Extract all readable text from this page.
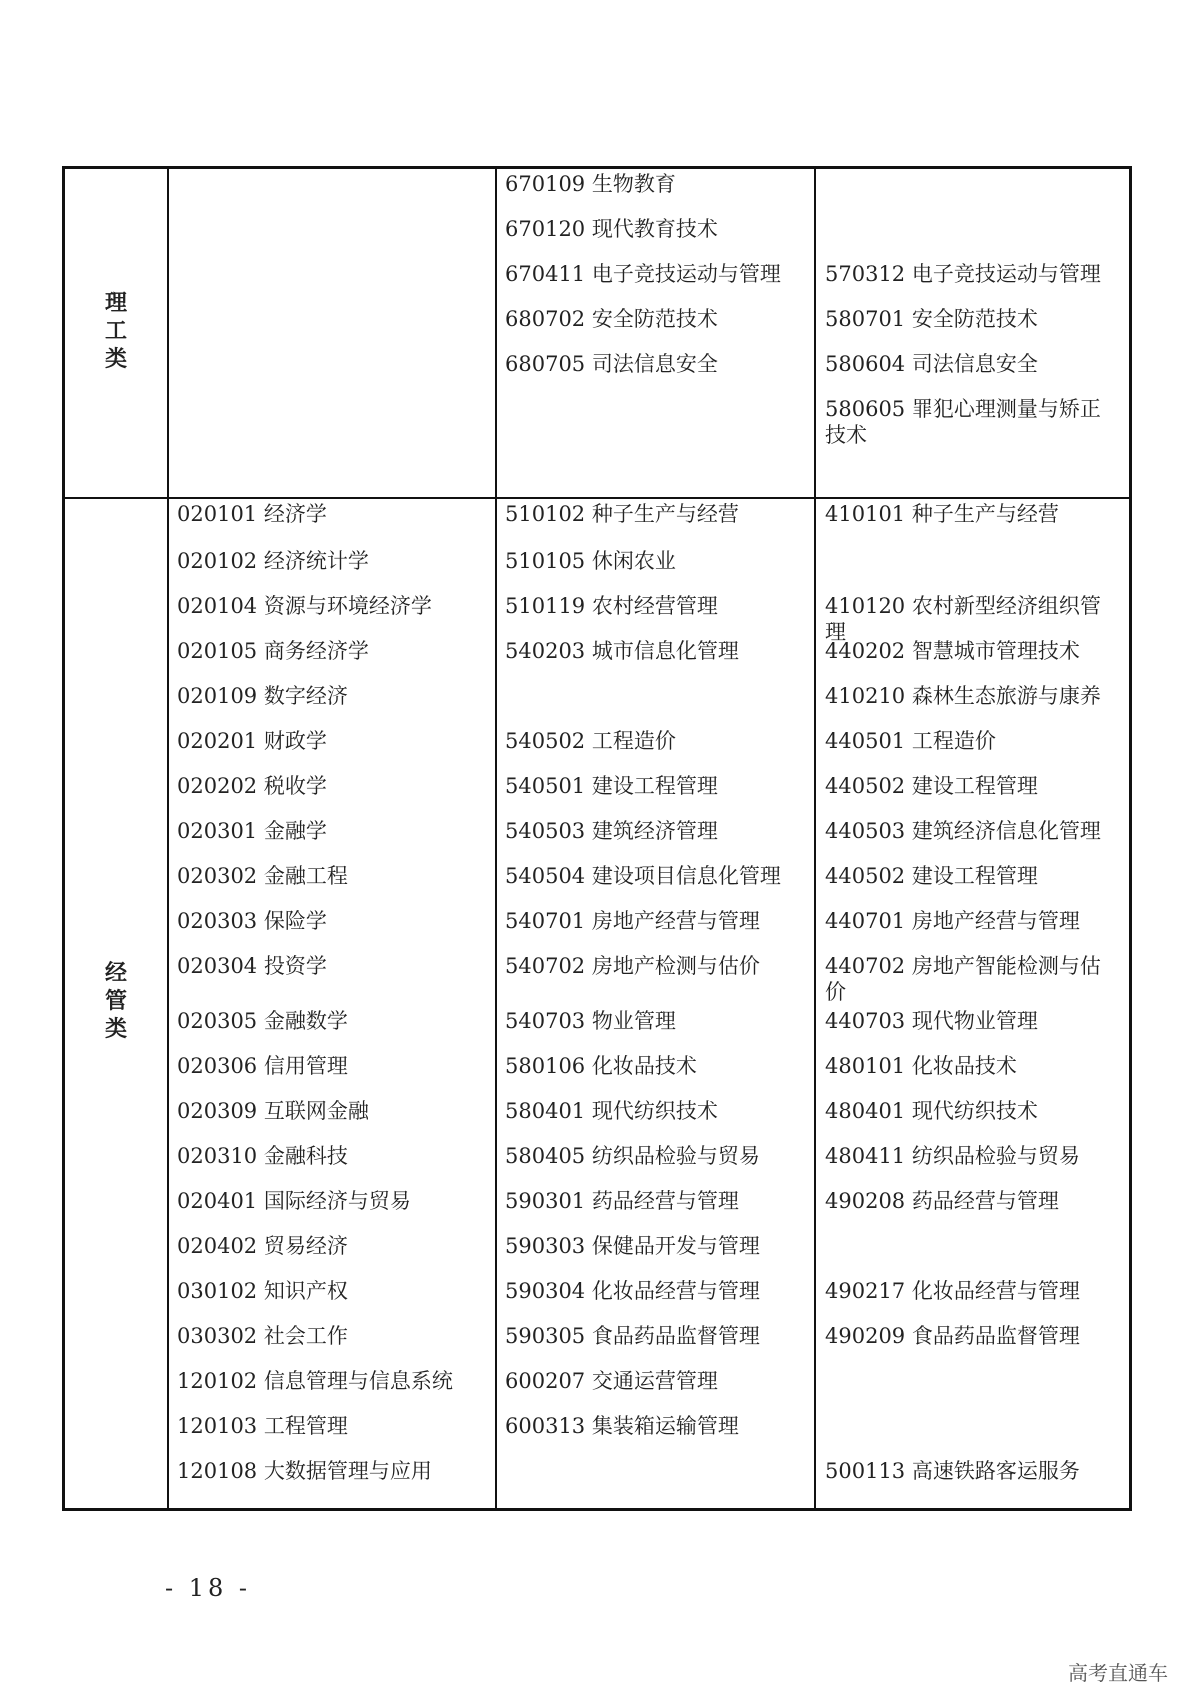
理
工
类
670109 生物教育
670120 现代教育技术
670411 电子竞技运动与管理
680702 安全防范技术
680705 司法信息安全
570312 电子竞技运动与管理
580701 安全防范技术
580604 司法信息安全
580605 罪犯心理测量与矫正技术
经
管
类
020101 经济学
020102 经济统计学
020104 资源与环境经济学
020105 商务经济学
020109 数字经济
020201 财政学
020202 税收学
020301 金融学
020302 金融工程
020303 保险学
020304 投资学
020305 金融数学
020306 信用管理
020309 互联网金融
020310 金融科技
020401 国际经济与贸易
020402 贸易经济
030102 知识产权
030302 社会工作
120102 信息管理与信息系统
120103 工程管理
120108 大数据管理与应用
510102 种子生产与经营
510105 休闲农业
510119 农村经营管理
540203 城市信息化管理
540502 工程造价
540501 建设工程管理
540503 建筑经济管理
540504 建设项目信息化管理
540701 房地产经营与管理
540702 房地产检测与估价
540703 物业管理
580106 化妆品技术
580401 现代纺织技术
580405 纺织品检验与贸易
590301 药品经营与管理
590303 保健品开发与管理
590304 化妆品经营与管理
590305 食品药品监督管理
600207 交通运营管理
600313 集装箱运输管理
410101 种子生产与经营
410120 农村新型经济组织管理
440202 智慧城市管理技术
410210 森林生态旅游与康养
440501 工程造价
440502 建设工程管理
440503 建筑经济信息化管理
440502 建设工程管理
440701 房地产经营与管理
440702 房地产智能检测与估价
440703 现代物业管理
480101 化妆品技术
480401 现代纺织技术
480411 纺织品检验与贸易
490208 药品经营与管理
490217 化妆品经营与管理
490209 食品药品监督管理
500113 高速铁路客运服务
- 18 -
高考直通车
